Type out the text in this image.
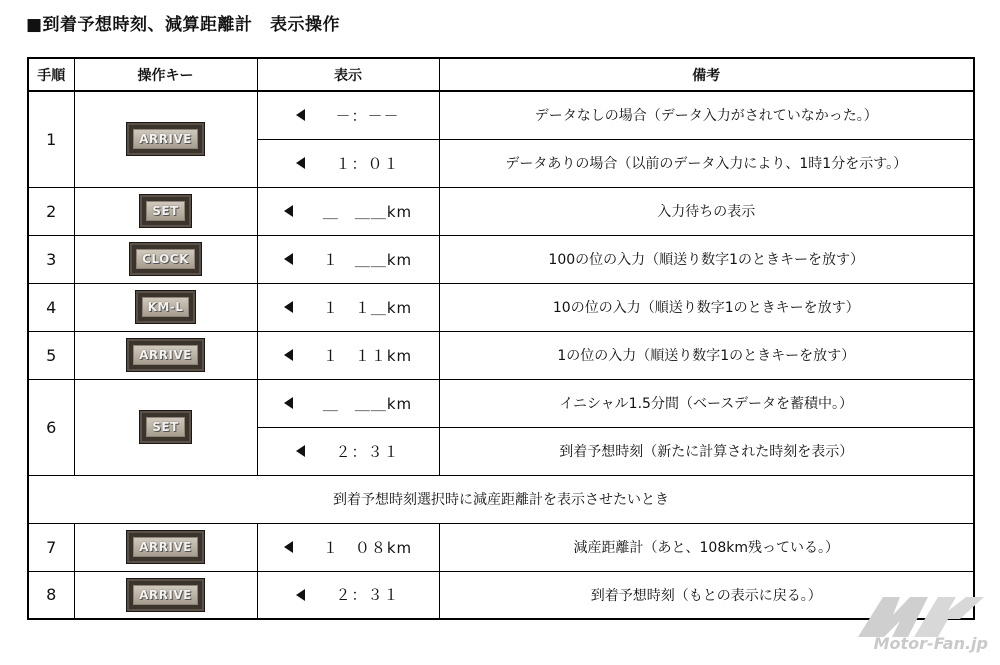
■到着予想時刻、減算距離計　表示操作
手順	操作キー	表示	備考
1	ARRIVE	－：－－	データなしの場合（データ入力がされていなかった。）
		１：０１	データありの場合（以前のデータ入力により、1時1分を示す。）
2	SET	＿　＿＿km	入力待ちの表示
3	CLOCK	１　＿＿km	100の位の入力（順送り数字1のときキーを放す）
4	KM-L	１　１＿km	10の位の入力（順送り数字1のときキーを放す）
5	ARRIVE	１　１１km	1の位の入力（順送り数字1のときキーを放す）
6	SET	＿　＿＿km	イニシャル1.5分間（ベースデータを蓄積中。）
		２：３１	到着予想時刻（新たに計算された時刻を表示）
到着予想時刻選択時に減産距離計を表示させたいとき			
7	ARRIVE	１　０８km	減産距離計（あと、108km残っている。）
8	ARRIVE	２：３１	到着予想時刻（もとの表示に戻る。）
Motor-Fan.jp
